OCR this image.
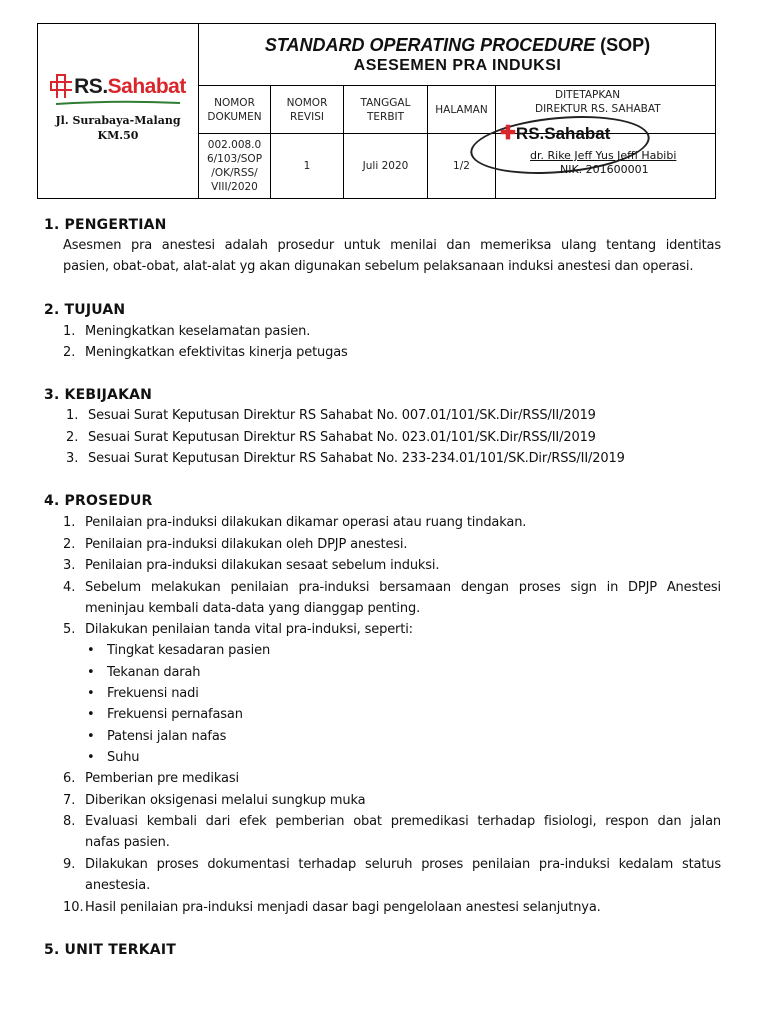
RS.Sahabat
Jl. Surabaya-Malang
KM.50
STANDARD OPERATING PROCEDURE (SOP)
ASESEMEN PRA INDUKSI
NOMOR
DOKUMEN
NOMOR
REVISI
TANGGAL
TERBIT
HALAMAN
002.008.0
6/103/SOP
/OK/RSS/
VIII/2020
1	Juli 2020	1/2
DITETAPKAN
DIREKTUR RS. SAHABAT
✚RS.Sahabat
dr. Rike Jeff Yus Jeffi Habibi
NIK. 201600001
1. PENGERTIAN
Asesmen pra anestesi adalah prosedur untuk menilai dan memeriksa ulang tentang identitas
pasien, obat-obat, alat-alat yg akan digunakan sebelum pelaksanaan induksi anestesi dan operasi.
2. TUJUAN
1. Meningkatkan keselamatan pasien.
2. Meningkatkan efektivitas kinerja petugas
3. KEBIJAKAN
1. Sesuai Surat Keputusan Direktur RS Sahabat No. 007.01/101/SK.Dir/RSS/II/2019
2. Sesuai Surat Keputusan Direktur RS Sahabat No. 023.01/101/SK.Dir/RSS/II/2019
3. Sesuai Surat Keputusan Direktur RS Sahabat No. 233-234.01/101/SK.Dir/RSS/II/2019
4. PROSEDUR
1. Penilaian pra-induksi dilakukan dikamar operasi atau ruang tindakan.
2. Penilaian pra-induksi dilakukan oleh DPJP anestesi.
3. Penilaian pra-induksi dilakukan sesaat sebelum induksi.
4. Sebelum melakukan penilaian pra-induksi bersamaan dengan proses sign in DPJP Anestesi
meninjau kembali data-data yang dianggap penting.
5. Dilakukan penilaian tanda vital pra-induksi, seperti:
• Tingkat kesadaran pasien
• Tekanan darah
• Frekuensi nadi
• Frekuensi pernafasan
• Patensi jalan nafas
• Suhu
6. Pemberian pre medikasi
7. Diberikan oksigenasi melalui sungkup muka
8. Evaluasi kembali dari efek pemberian obat premedikasi terhadap fisiologi, respon dan jalan
nafas pasien.
9. Dilakukan proses dokumentasi terhadap seluruh proses penilaian pra-induksi kedalam status
anestesia.
10. Hasil penilaian pra-induksi menjadi dasar bagi pengelolaan anestesi selanjutnya.
5. UNIT TERKAIT
